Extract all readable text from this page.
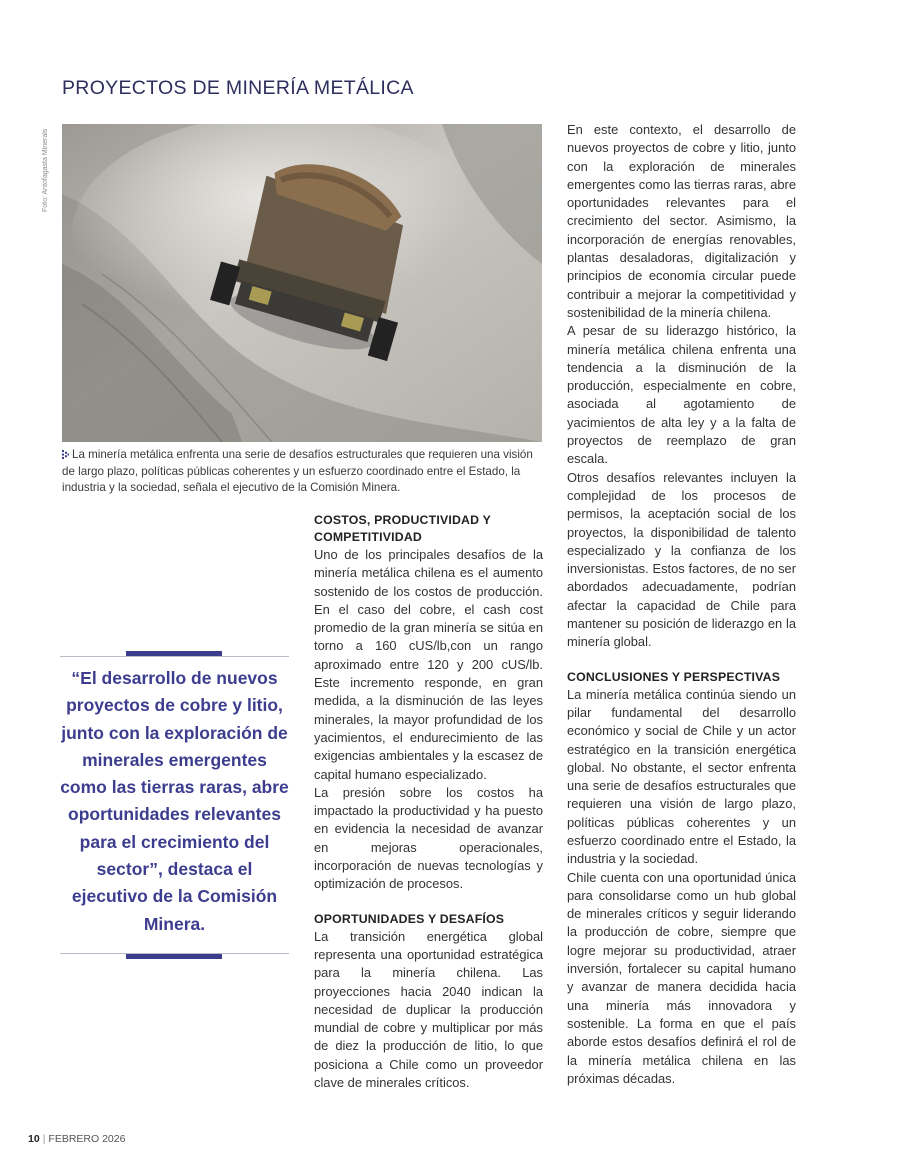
PROYECTOS DE MINERÍA METÁLICA
Foto: Antofagasta Minerals
La minería metálica enfrenta una serie de desafíos estructurales que requieren una visión de largo plazo, políticas públicas coherentes y un esfuerzo coordinado entre el Estado, la industria y la sociedad, señala el ejecutivo de la Comisión Minera.
“El desarrollo de nuevos proyectos de cobre y litio, junto con la exploración de minerales emergentes como las tierras raras, abre oportunidades relevantes para el crecimiento del sector”, destaca el ejecutivo de la Comisión Minera.
COSTOS, PRODUCTIVIDAD Y COMPETITIVIDAD

Uno de los principales desafíos de la minería metálica chilena es el aumento sostenido de los costos de producción. En el caso del cobre, el cash cost promedio de la gran minería se sitúa en torno a 160 cUS/lb,con un rango aproximado entre 120 y 200 cUS/lb. Este incremento responde, en gran medida, a la disminución de las leyes minerales, la mayor profundidad de los yacimientos, el endurecimiento de las exigencias ambientales y la escasez de capital humano especializado.

La presión sobre los costos ha impactado la productividad y ha puesto en evidencia la necesidad de avanzar en mejoras operacionales, incorporación de nuevas tecnologías y optimización de procesos.

OPORTUNIDADES Y DESAFÍOS

La transición energética global representa una oportunidad estratégica para la minería chilena. Las proyecciones hacia 2040 indican la necesidad de duplicar la producción mundial de cobre y multiplicar por más de diez la producción de litio, lo que posiciona a Chile como un proveedor clave de minerales críticos.

En este contexto, el desarrollo de nuevos proyectos de cobre y litio, junto con la exploración de minerales emergentes como las tierras raras, abre oportunidades relevantes para el crecimiento del sector. Asimismo, la incorporación de energías renovables, plantas desaladoras, digitalización y principios de economía circular puede contribuir a mejorar la competitividad y sostenibilidad de la minería chilena.

A pesar de su liderazgo histórico, la minería metálica chilena enfrenta una tendencia a la disminución de la producción, especialmente en cobre, asociada al agotamiento de yacimientos de alta ley y a la falta de proyectos de reemplazo de gran escala.

Otros desafíos relevantes incluyen la complejidad de los procesos de permisos, la aceptación social de los proyectos, la disponibilidad de talento especializado y la confianza de los inversionistas. Estos factores, de no ser abordados adecuadamente, podrían afectar la capacidad de Chile para mantener su posición de liderazgo en la minería global.

CONCLUSIONES Y PERSPECTIVAS

La minería metálica continúa siendo un pilar fundamental del desarrollo económico y social de Chile y un actor estratégico en la transición energética global. No obstante, el sector enfrenta una serie de desafíos estructurales que requieren una visión de largo plazo, políticas públicas coherentes y un esfuerzo coordinado entre el Estado, la industria y la sociedad.

Chile cuenta con una oportunidad única para consolidarse como un hub global de minerales críticos y seguir liderando la producción de cobre, siempre que logre mejorar su productividad, atraer inversión, fortalecer su capital humano y avanzar de manera decidida hacia una minería más innovadora y sostenible. La forma en que el país aborde estos desafíos definirá el rol de la minería metálica chilena en las próximas décadas.

10 | FEBRERO 2026
